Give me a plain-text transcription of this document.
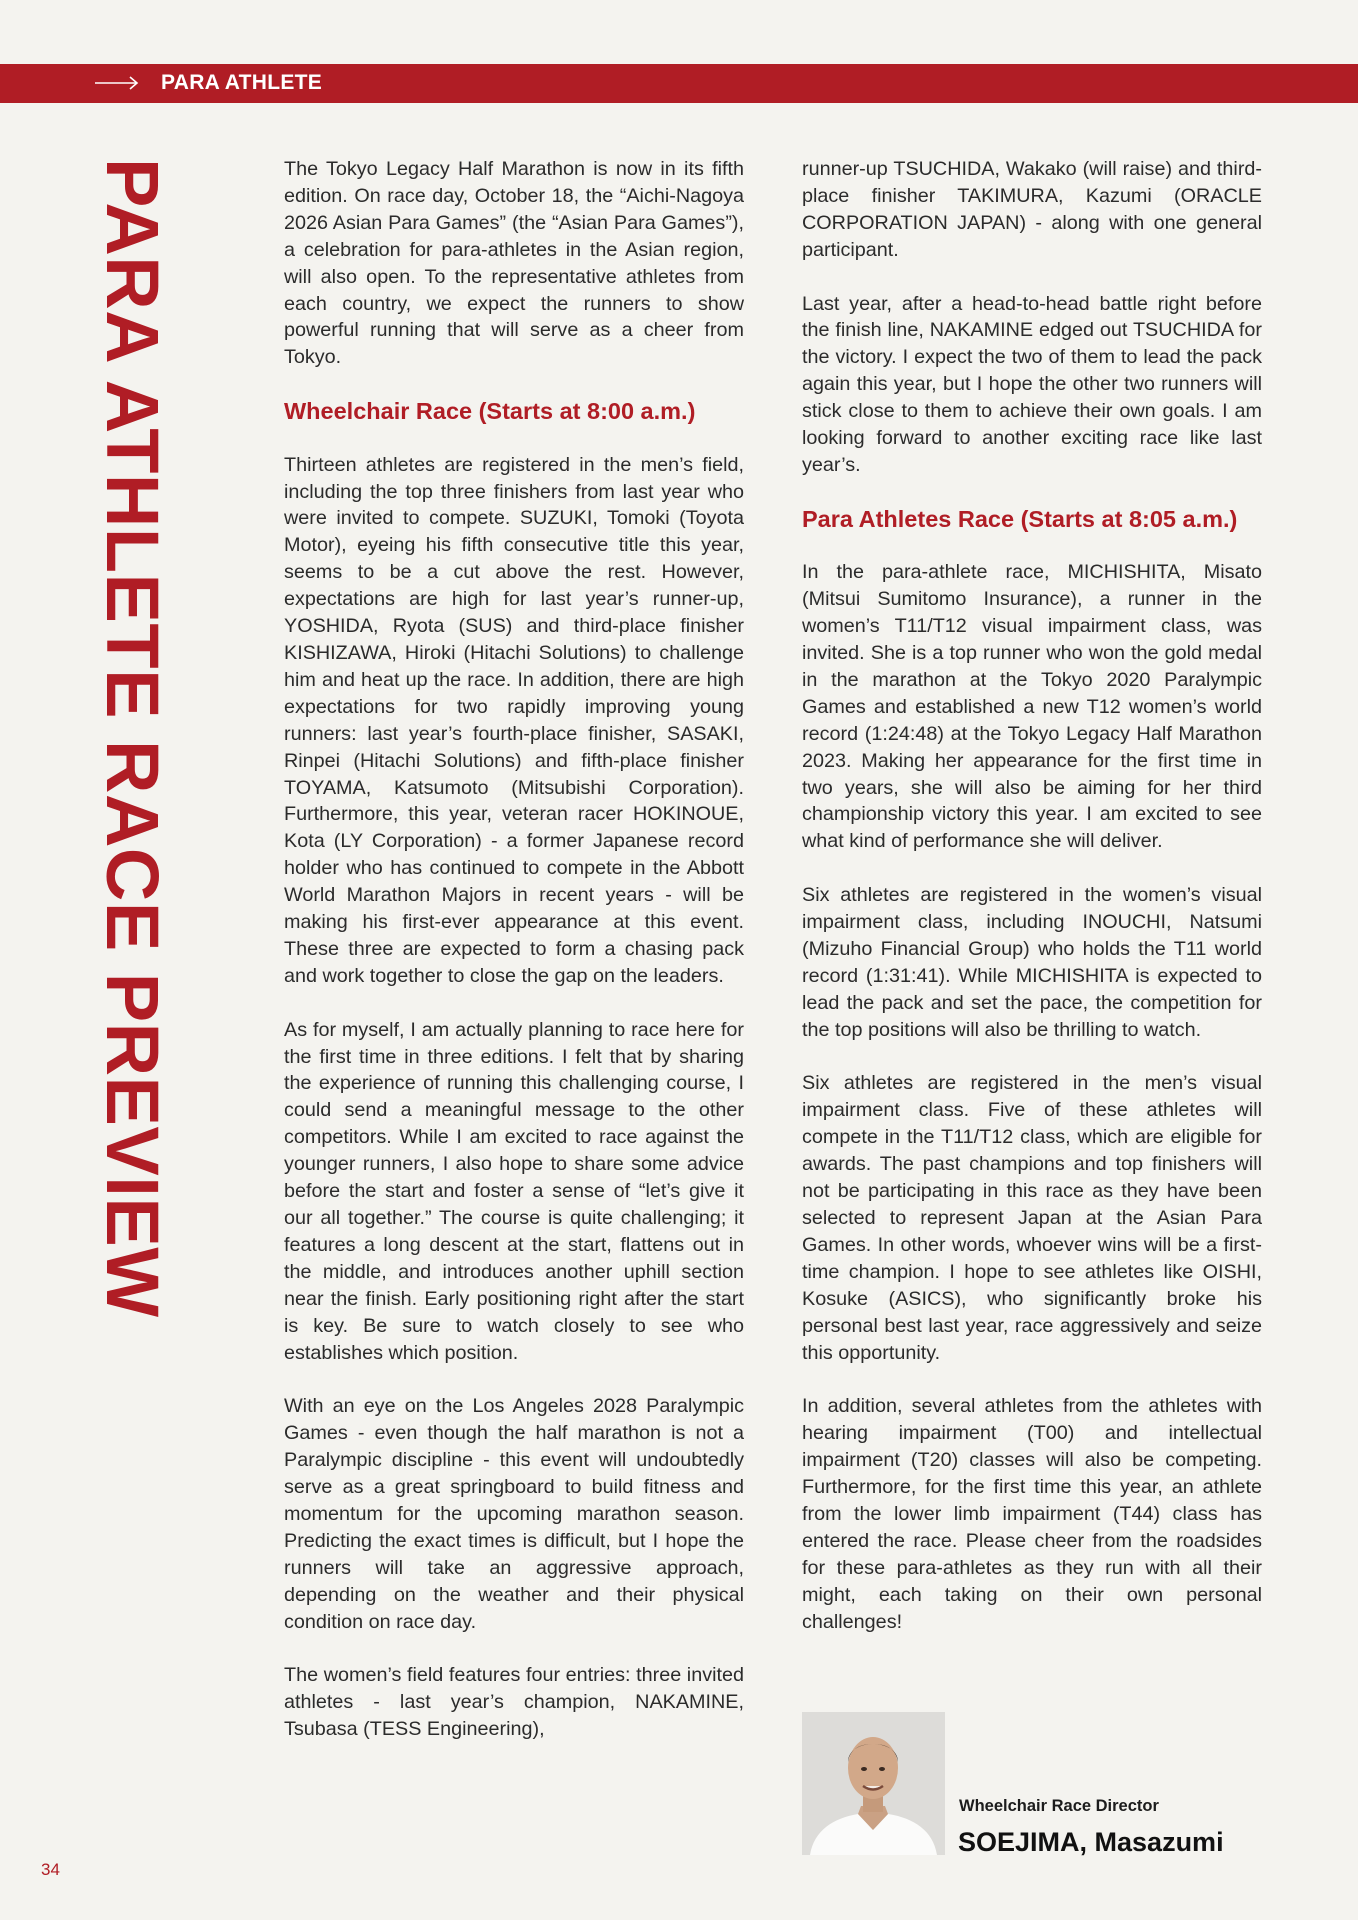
PARA ATHLETE
PARA ATHLETE RACE PREVIEW	The Tokyo Legacy Half Marathon is now in its fifth edition. On race day, October 18, the “Aichi-Nagoya 2026 Asian Para Games” (the “Asian Para Games”), a celebration for para-athletes in the Asian region, will also open. To the representative athletes from each country, we expect the runners to show powerful running that will serve as a cheer from Tokyo.

Wheelchair Race (Starts at 8:00 a.m.)

Thirteen athletes are registered in the men’s field, including the top three finishers from last year who were invited to compete. SUZUKI, Tomoki (Toyota Motor), eyeing his fifth consecutive title this year, seems to be a cut above the rest. However, expectations are high for last year’s runner-up, YOSHIDA, Ryota (SUS) and third-place finisher KISHIZAWA, Hiroki (Hitachi Solutions) to challenge him and heat up the race. In addition, there are high expectations for two rapidly improving young runners: last year’s fourth-place finisher, SASAKI, Rinpei (Hitachi Solutions) and fifth-place finisher TOYAMA, Katsumoto (Mitsubishi Corporation). Furthermore, this year, veteran racer HOKINOUE, Kota (LY Corporation) - a former Japanese record holder who has continued to compete in the Abbott World Marathon Majors in recent years - will be making his first-ever appearance at this event. These three are expected to form a chasing pack and work together to close the gap on the leaders.

As for myself, I am actually planning to race here for the first time in three editions. I felt that by sharing the experience of running this challenging course, I could send a meaningful message to the other competitors. While I am excited to race against the younger runners, I also hope to share some advice before the start and foster a sense of “let’s give it our all together.” The course is quite challenging; it features a long descent at the start, flattens out in the middle, and introduces another uphill section near the finish. Early positioning right after the start is key. Be sure to watch closely to see who establishes which position.

With an eye on the Los Angeles 2028 Paralympic Games - even though the half marathon is not a Paralympic discipline - this event will undoubtedly serve as a great springboard to build fitness and momentum for the upcoming marathon season. Predicting the exact times is difficult, but I hope the runners will take an aggressive approach, depending on the weather and their physical condition on race day.

The women’s field features four entries: three invited athletes - last year’s champion, NAKAMINE, Tsubasa (TESS Engineering),

runner-up TSUCHIDA, Wakako (will raise) and third-place finisher TAKIMURA, Kazumi (ORACLE CORPORATION JAPAN) - along with one general participant.

Last year, after a head-to-head battle right before the finish line, NAKAMINE edged out TSUCHIDA for the victory. I expect the two of them to lead the pack again this year, but I hope the other two runners will stick close to them to achieve their own goals. I am looking forward to another exciting race like last year’s.

Para Athletes Race (Starts at 8:05 a.m.)

In the para-athlete race, MICHISHITA, Misato (Mitsui Sumitomo Insurance), a runner in the women’s T11/T12 visual impairment class, was invited. She is a top runner who won the gold medal in the marathon at the Tokyo 2020 Paralympic Games and established a new T12 women’s world record (1:24:48) at the Tokyo Legacy Half Marathon 2023. Making her appearance for the first time in two years, she will also be aiming for her third championship victory this year. I am excited to see what kind of performance she will deliver.

Six athletes are registered in the women’s visual impairment class, including INOUCHI, Natsumi (Mizuho Financial Group) who holds the T11 world record (1:31:41). While MICHISHITA is expected to lead the pack and set the pace, the competition for the top positions will also be thrilling to watch.

Six athletes are registered in the men’s visual impairment class. Five of these athletes will compete in the T11/T12 class, which are eligible for awards. The past champions and top finishers will not be participating in this race as they have been selected to represent Japan at the Asian Para Games. In other words, whoever wins will be a first-time champion. I hope to see athletes like OISHI, Kosuke (ASICS), who significantly broke his personal best last year, race aggressively and seize this opportunity.

In addition, several athletes from the athletes with hearing impairment (T00) and intellectual impairment (T20) classes will also be competing. Furthermore, for the first time this year, an athlete from the lower limb impairment (T44) class has entered the race. Please cheer from the roadsides for these para-athletes as they run with all their might, each taking on their own personal challenges!

Wheelchair Race Director
SOEJIMA, Masazumi
34
